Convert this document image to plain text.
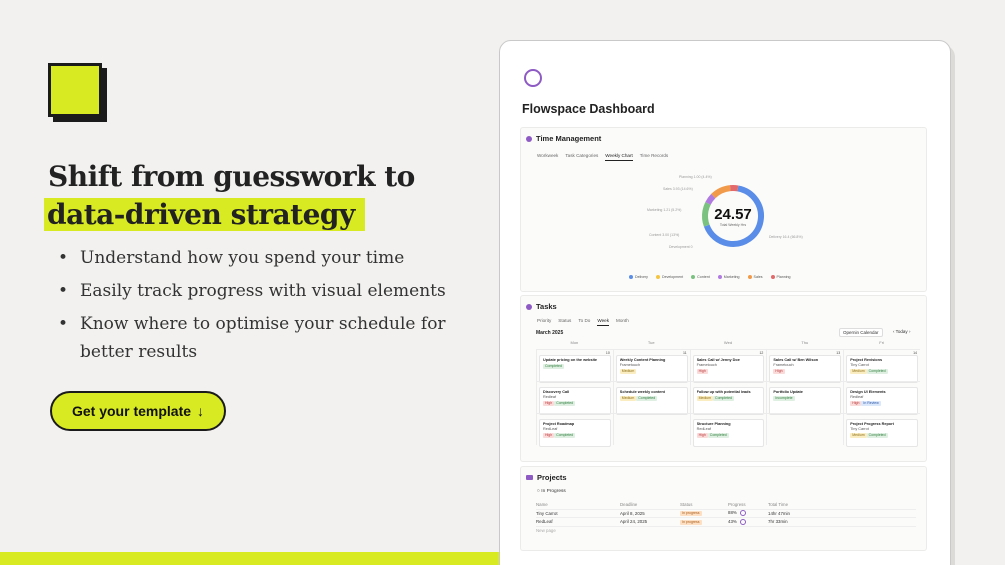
Shift from guesswork to
data-driven strategy
• Understand how you spend your time
• Easily track progress with visual elements
• Know where to optimise your schedule for better results
Get your template ↓
Flowspace Dashboard
Time Management
Workweek Task Categories Weekly Chart Time Records
24.57
Total Weekly Hrs
Planning 1.00 (4.4%)
Sales 3.93 (14.6%)
Marketing 1.21 (5.2%)
Content 3.00 (13%)
Development 0
Delivery 16.4 (66.8%)
Delivery	Development	Content	Marketing	Sales	Planning
Tasks
Priority Status To Do Week Month
March 2025	Opernin Calendar	‹ Today ›
Mon	Tue	Wed	Thu	Fri
10
Update pricing on the website
Completed
11
Weekly Content Planning
Frametouch
Medium
12
Sales Call w/ Jenny Doe
Frametouch
High
13
Sales Call w/ Ben Wilson
Frametouch
High
14
Project Revisions
Tiny Carrot
Medium Completed
Discovery Call
Redleaf
High Completed
Schedule weekly content
Medium Completed
Follow up with potential leads
Medium Completed
Portfolio Update
Incomplete
Design UI Elements
Redleaf
High In Review
Project Roadmap
RedLeaf
High Completed
Structure Planning
RedLeaf
High Completed
Project Progress Report
Tiny Carrot
Medium Completed
Projects
○ In Progress
Name	Deadline	Status	Progress	Total Time
Tiny Carrot	April 8, 2025	In progress	88%	14hr 47min
RedLeaf	April 24, 2025	In progress	43%	7hr 33min
New page
